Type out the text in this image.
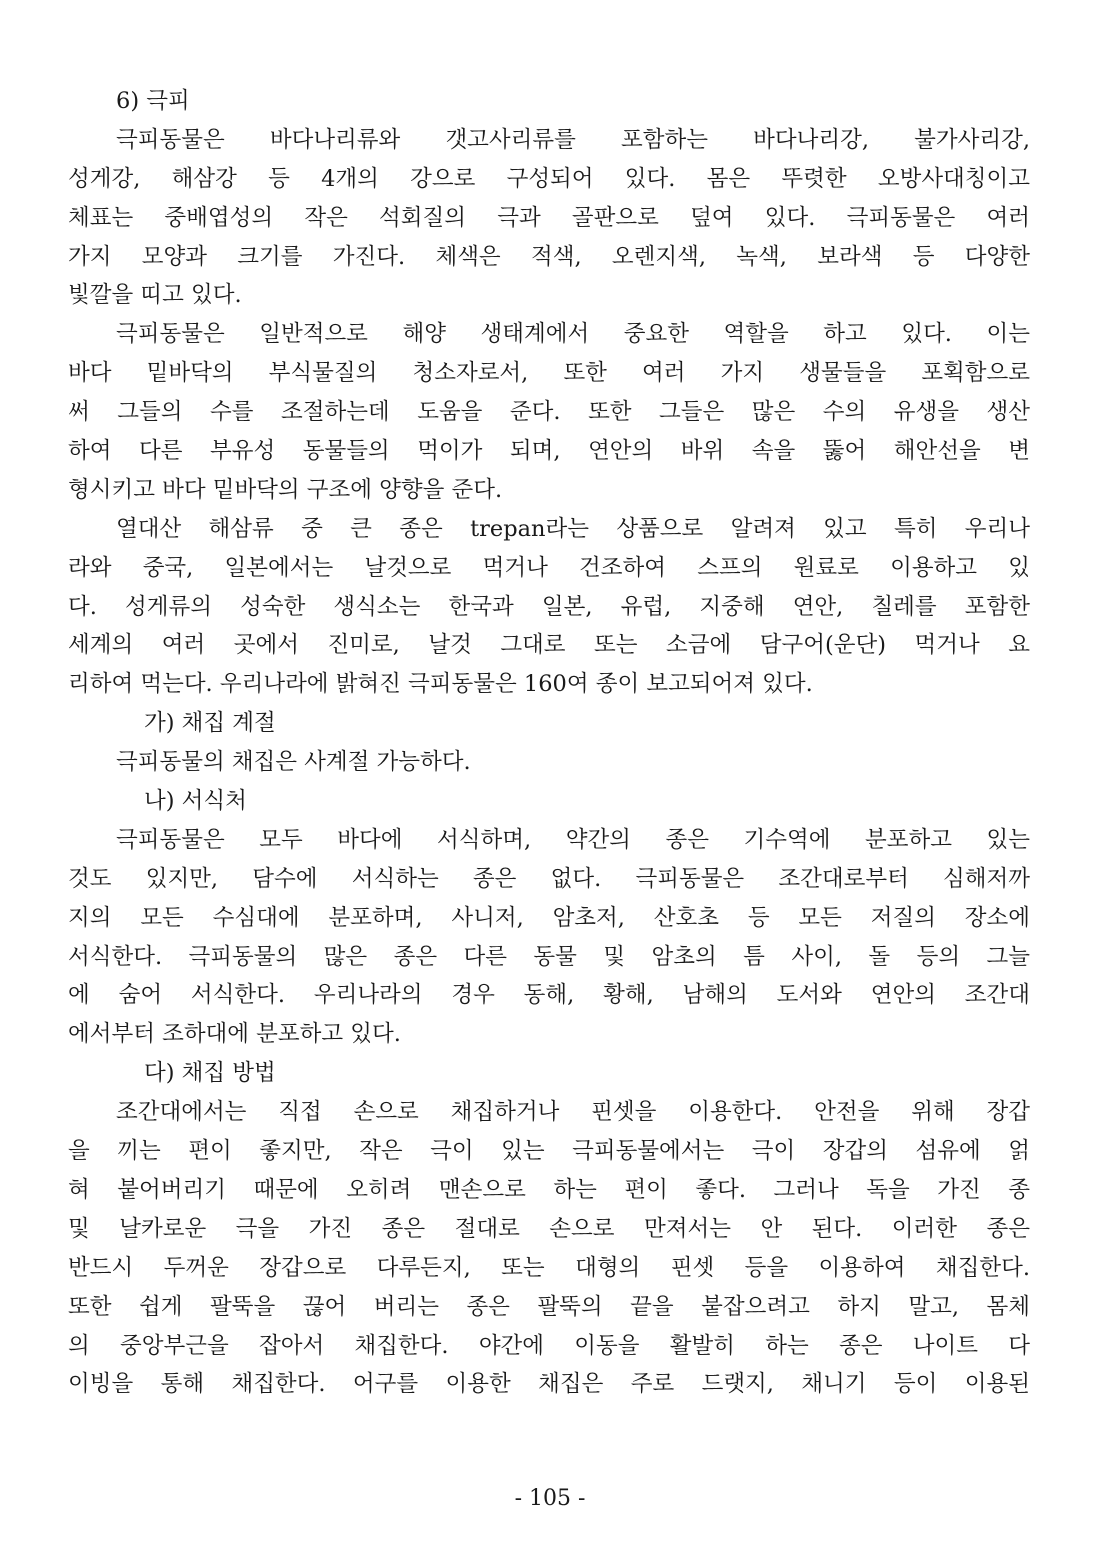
6) 극피
극피동물은 바다나리류와 갯고사리류를 포함하는 바다나리강, 불가사리강,
성게강, 해삼강 등 4개의 강으로 구성되어 있다. 몸은 뚜렷한 오방사대칭이고
체표는 중배엽성의 작은 석회질의 극과 골판으로 덮여 있다. 극피동물은 여러
가지 모양과 크기를 가진다. 체색은 적색, 오렌지색, 녹색, 보라색 등 다양한
빛깔을 띠고 있다.
극피동물은 일반적으로 해양 생태계에서 중요한 역할을 하고 있다. 이는
바다 밑바닥의 부식물질의 청소자로서, 또한 여러 가지 생물들을 포획함으로
써 그들의 수를 조절하는데 도움을 준다. 또한 그들은 많은 수의 유생을 생산
하여 다른 부유성 동물들의 먹이가 되며, 연안의 바위 속을 뚫어 해안선을 변
형시키고 바다 밑바닥의 구조에 양향을 준다.
열대산 해삼류 중 큰 종은 trepan라는 상품으로 알려져 있고 특히 우리나
라와 중국, 일본에서는 날것으로 먹거나 건조하여 스프의 원료로 이용하고 있
다. 성게류의 성숙한 생식소는 한국과 일본, 유럽, 지중해 연안, 칠레를 포함한
세계의 여러 곳에서 진미로, 날것 그대로 또는 소금에 담구어(운단) 먹거나 요
리하여 먹는다. 우리나라에 밝혀진 극피동물은 160여 종이 보고되어져 있다.
가) 채집 계절
극피동물의 채집은 사계절 가능하다.
나) 서식처
극피동물은 모두 바다에 서식하며, 약간의 종은 기수역에 분포하고 있는
것도 있지만, 담수에 서식하는 종은 없다. 극피동물은 조간대로부터 심해저까
지의 모든 수심대에 분포하며, 사니저, 암초저, 산호초 등 모든 저질의 장소에
서식한다. 극피동물의 많은 종은 다른 동물 및 암초의 틈 사이, 돌 등의 그늘
에 숨어 서식한다. 우리나라의 경우 동해, 황해, 남해의 도서와 연안의 조간대
에서부터 조하대에 분포하고 있다.
다) 채집 방법
조간대에서는 직접 손으로 채집하거나 핀셋을 이용한다. 안전을 위해 장갑
을 끼는 편이 좋지만, 작은 극이 있는 극피동물에서는 극이 장갑의 섬유에 얽
혀 붙어버리기 때문에 오히려 맨손으로 하는 편이 좋다. 그러나 독을 가진 종
및 날카로운 극을 가진 종은 절대로 손으로 만져서는 안 된다. 이러한 종은
반드시 두꺼운 장갑으로 다루든지, 또는 대형의 핀셋 등을 이용하여 채집한다.
또한 쉽게 팔뚝을 끊어 버리는 종은 팔뚝의 끝을 붙잡으려고 하지 말고, 몸체
의 중앙부근을 잡아서 채집한다. 야간에 이동을 활발히 하는 종은 나이트 다
이빙을 통해 채집한다. 어구를 이용한 채집은 주로 드랫지, 채니기 등이 이용된
- 105 -
